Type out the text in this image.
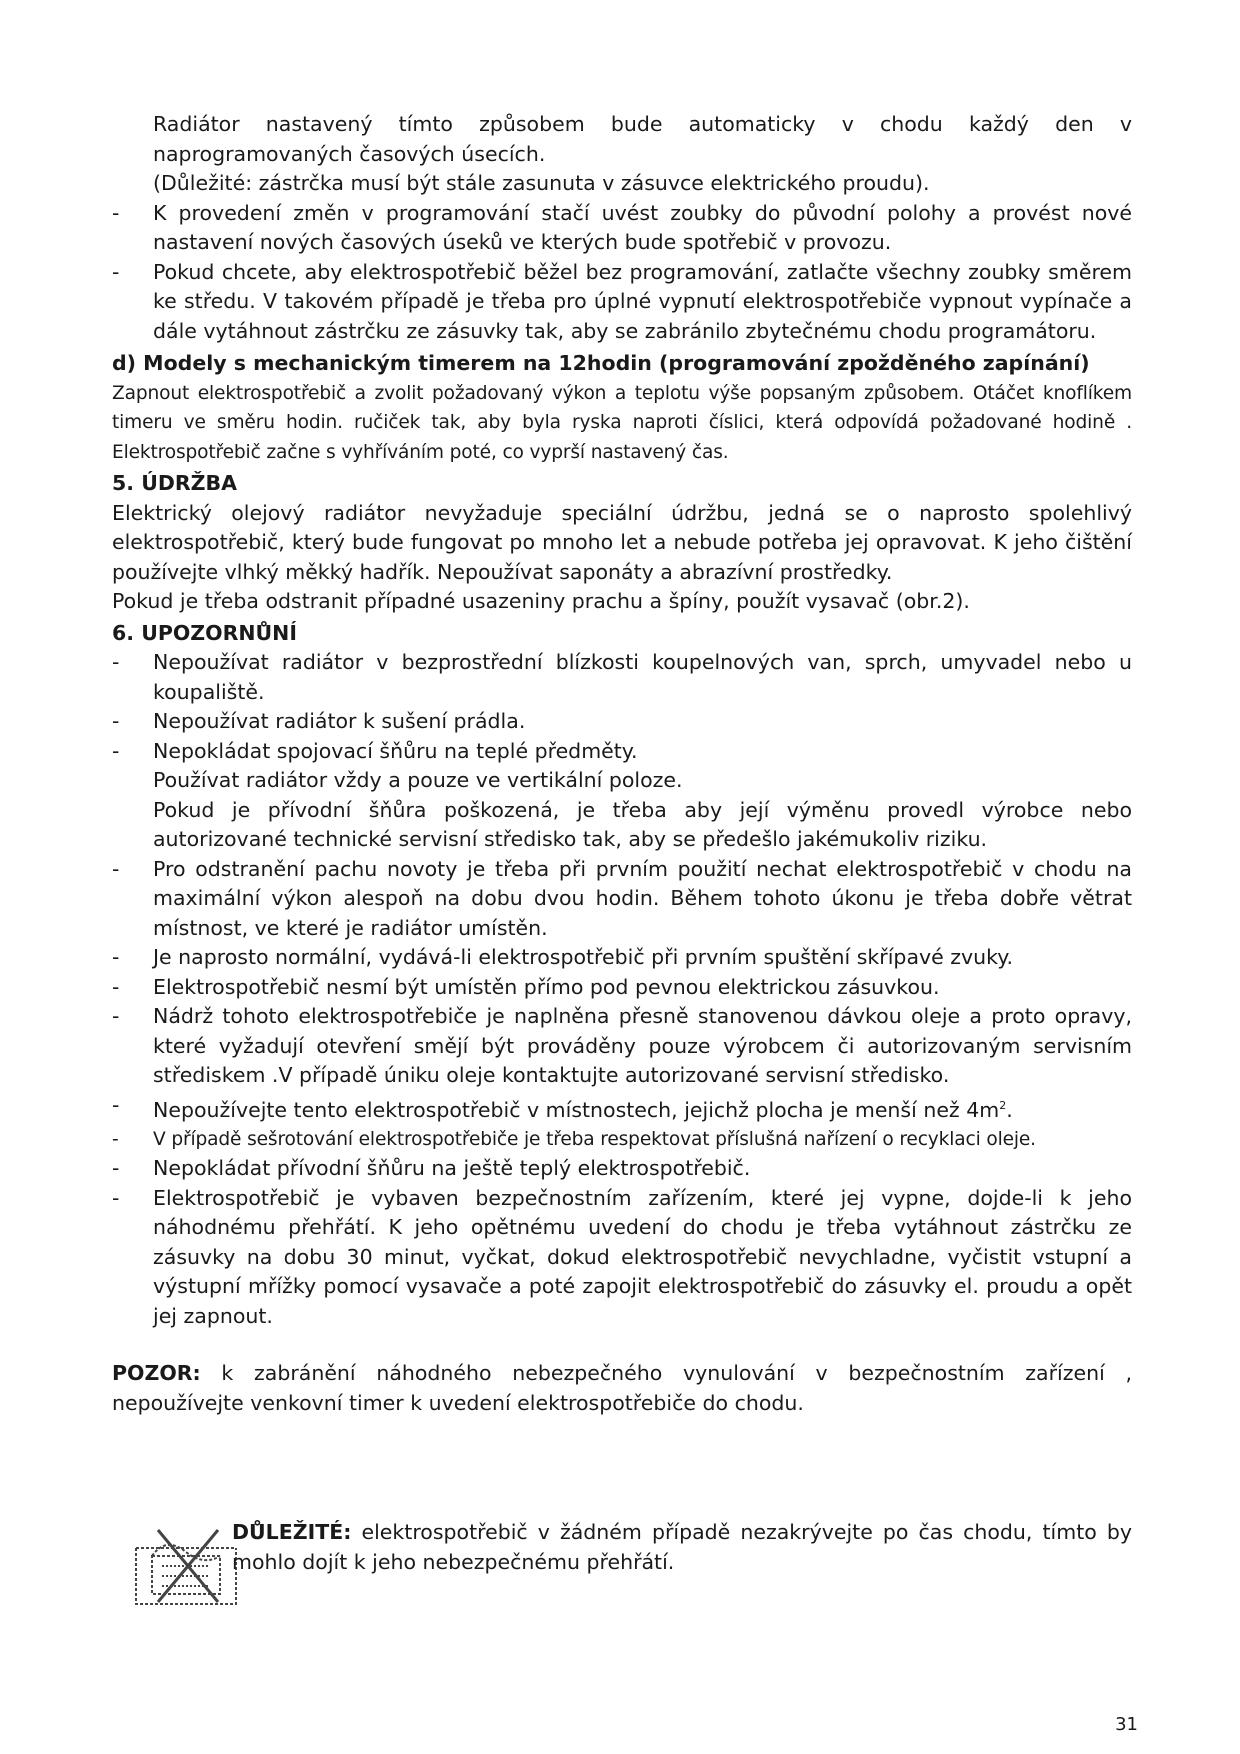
Radiátor nastavený tímto způsobem bude automaticky v chodu každý den v naprogramovaných časových úsecích.

(Důležité: zástrčka musí být stále zasunuta v zásuvce elektrického proudu).

- K provedení změn v programování stačí uvést zoubky do původní polohy a provést nové nastavení nových časových úseků ve kterých bude spotřebič v provozu.

- Pokud chcete, aby elektrospotřebič běžel bez programování, zatlačte všechny zoubky směrem ke středu. V takovém případě je třeba pro úplné vypnutí elektrospotřebiče vypnout vypínače a dále vytáhnout zástrčku ze zásuvky tak, aby se zabránilo zbytečnému chodu programátoru.

d) Modely s mechanickým timerem na 12hodin (programování zpožděného zapínání)

Zapnout elektrospotřebič a zvolit požadovaný výkon a teplotu výše popsaným způsobem. Otáčet knoflíkem timeru ve směru hodin. ručiček tak, aby byla ryska naproti číslici, která odpovídá požadované hodině . Elektrospotřebič začne s vyhříváním poté, co vyprší nastavený čas.

5. ÚDRŽBA

Elektrický olejový radiátor nevyžaduje speciální údržbu, jedná se o naprosto spolehlivý elektrospotřebič, který bude fungovat po mnoho let a nebude potřeba jej opravovat. K jeho čištění používejte vlhký měkký hadřík. Nepoužívat saponáty a abrazívní prostředky.

Pokud je třeba odstranit případné usazeniny prachu a špíny, použít vysavač (obr.2).

6. UPOZORNŮNÍ

- Nepoužívat radiátor v bezprostřední blízkosti koupelnových van, sprch, umyvadel nebo u koupaliště.

- Nepoužívat radiátor k sušení prádla.

- Nepokládat spojovací šňůru na teplé předměty.

Používat radiátor vždy a pouze ve vertikální poloze.

Pokud je přívodní šňůra poškozená, je třeba aby její výměnu provedl výrobce nebo autorizované technické servisní středisko tak, aby se předešlo jakémukoliv riziku.

- Pro odstranění pachu novoty je třeba při prvním použití nechat elektrospotřebič v chodu na maximální výkon alespoň na dobu dvou hodin. Během tohoto úkonu je třeba dobře větrat místnost, ve které je radiátor umístěn.

- Je naprosto normální, vydává-li elektrospotřebič při prvním spuštění skřípavé zvuky.

- Elektrospotřebič nesmí být umístěn přímo pod pevnou elektrickou zásuvkou.

- Nádrž tohoto elektrospotřebiče je naplněna přesně stanovenou dávkou oleje a proto opravy, které vyžadují otevření smějí být prováděny pouze výrobcem či autorizovaným servisním střediskem .V případě úniku oleje kontaktujte autorizované servisní středisko.

- Nepoužívejte tento elektrospotřebič v místnostech, jejichž plocha je menší než $4m^2$.

- V případě sešrotování elektrospotřebiče je třeba respektovat příslušná nařízení o recyklaci oleje.

- Nepokládat přívodní šňůru na ještě teplý elektrospotřebič.

- Elektrospotřebič je vybaven bezpečnostním zařízením, které jej vypne, dojde-li k jeho náhodnému přehřátí. K jeho opětnému uvedení do chodu je třeba vytáhnout zástrčku ze zásuvky na dobu 30 minut, vyčkat, dokud elektrospotřebič nevychladne, vyčistit vstupní a výstupní mřížky pomocí vysavače a poté zapojit elektrospotřebič do zásuvky el. proudu a opět jej zapnout.

POZOR: k zabránění náhodného nebezpečného vynulování v bezpečnostním zařízení , nepoužívejte venkovní timer k uvedení elektrospotřebiče do chodu.

DŮLEŽITÉ: elektrospotřebič v žádném případě nezakrývejte po čas chodu, tímto by mohlo dojít k jeho nebezpečnému přehřátí.

31
